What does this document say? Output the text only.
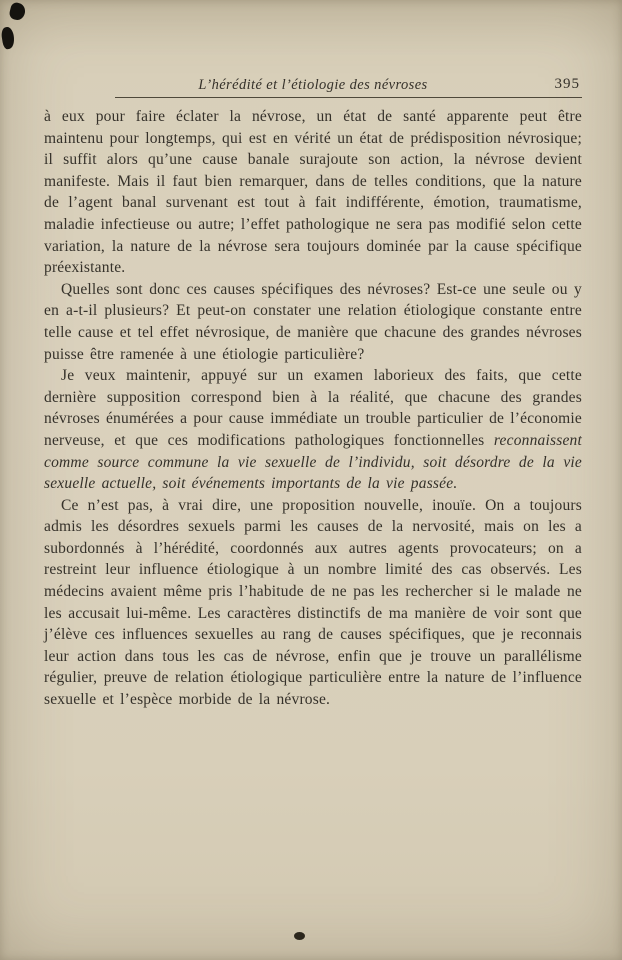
L’hérédité et l’étiologie des névroses	395

à eux pour faire éclater la névrose, un état de santé apparente peut être maintenu pour longtemps, qui est en vérité un état de prédisposition névrosique; il suffit alors qu’une cause banale surajoute son action, la névrose devient manifeste. Mais il faut bien remarquer, dans de telles conditions, que la nature de l’agent banal survenant est tout à fait indifférente, émotion, traumatisme, maladie infectieuse ou autre; l’effet pathologique ne sera pas modifié selon cette variation, la nature de la névrose sera toujours dominée par la cause spécifique préexistante.

Quelles sont donc ces causes spécifiques des névroses? Est-ce une seule ou y en a-t-il plusieurs? Et peut-on constater une relation étiologique constante entre telle cause et tel effet névrosique, de manière que chacune des grandes névroses puisse être ramenée à une étiologie particulière?

Je veux maintenir, appuyé sur un examen laborieux des faits, que cette dernière supposition correspond bien à la réalité, que chacune des grandes névroses énumérées a pour cause immédiate un trouble particulier de l’économie nerveuse, et que ces modifications pathologiques fonctionnelles reconnaissent comme source commune la vie sexuelle de l’individu, soit désordre de la vie sexuelle actuelle, soit événements importants de la vie passée.

Ce n’est pas, à vrai dire, une proposition nouvelle, inouïe. On a toujours admis les désordres sexuels parmi les causes de la nervosité, mais on les a subordonnés à l’hérédité, coordonnés aux autres agents provocateurs; on a restreint leur influence étiologique à un nombre limité des cas observés. Les médecins avaient même pris l’habitude de ne pas les rechercher si le malade ne les accusait lui-même. Les caractères distinctifs de ma manière de voir sont que j’élève ces influences sexuelles au rang de causes spécifiques, que je reconnais leur action dans tous les cas de névrose, enfin que je trouve un parallélisme régulier, preuve de relation étiologique particulière entre la nature de l’influence sexuelle et l’espèce morbide de la névrose.
